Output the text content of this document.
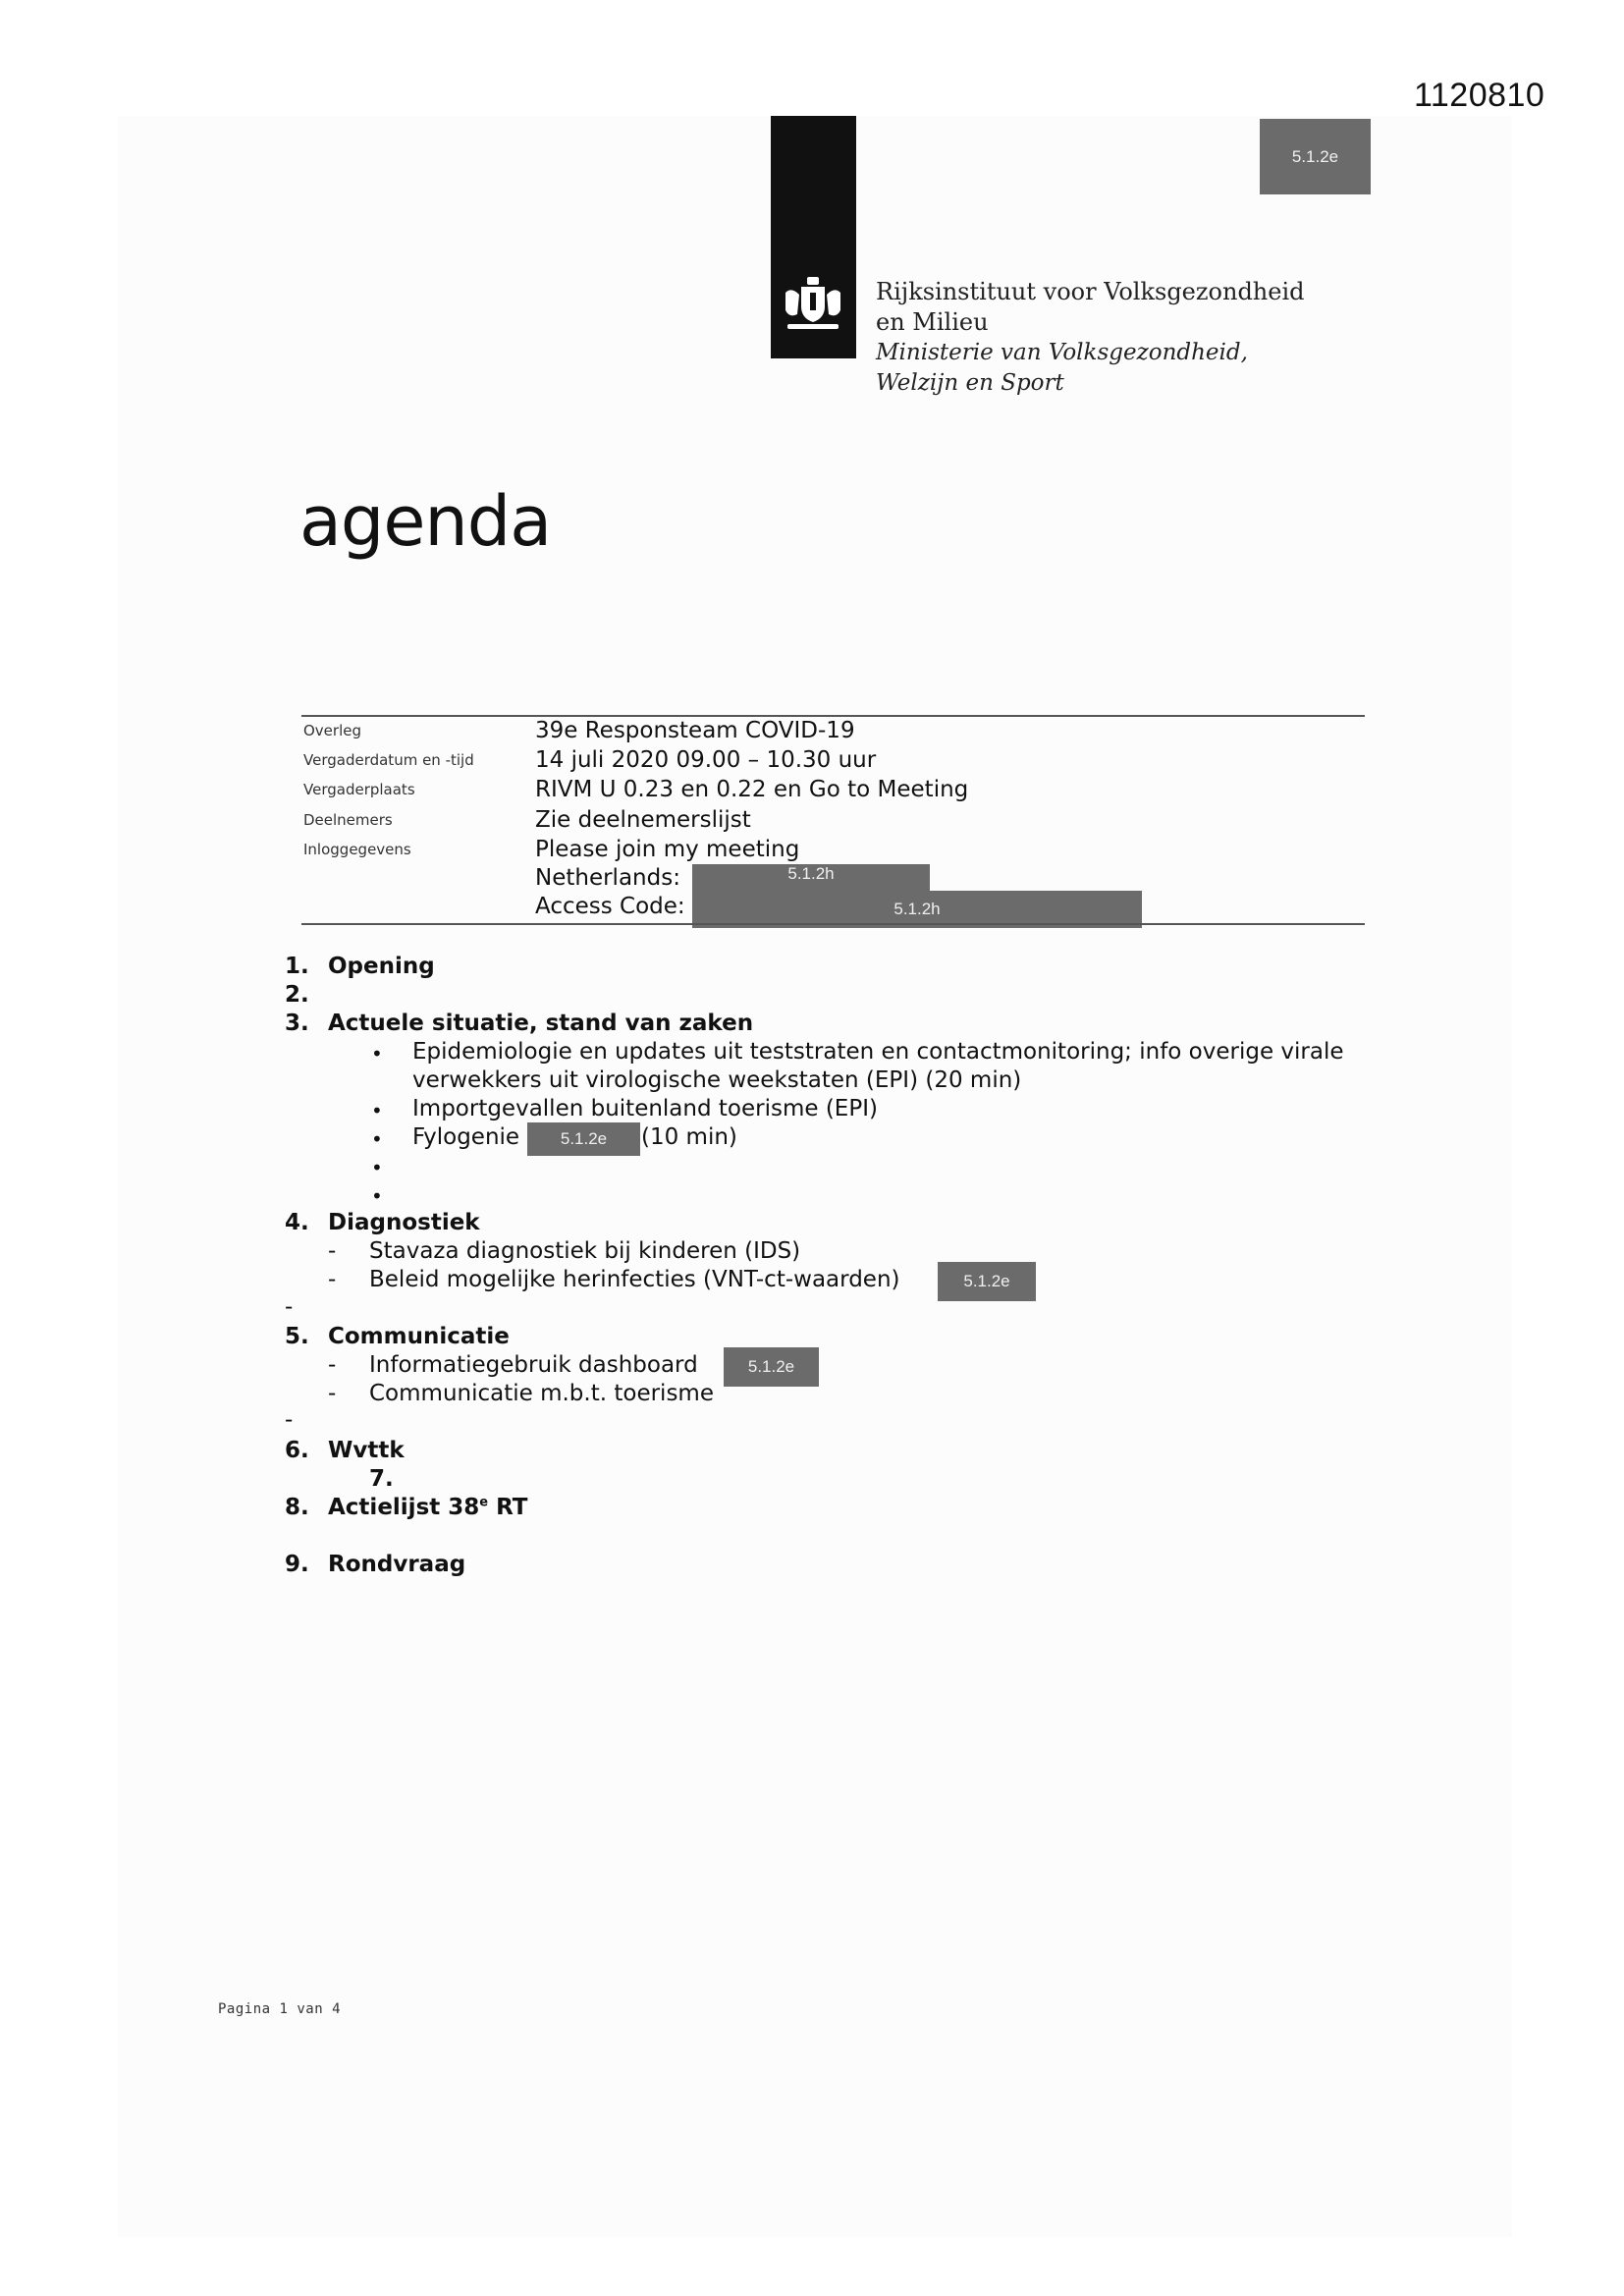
1120810
5.1.2e
Rijksinstituut voor Volksgezondheid
en Milieu
Ministerie van Volksgezondheid,
Welzijn en Sport
agenda
Overleg	39e Responsteam COVID-19
Vergaderdatum en -tijd	14 juli 2020 09.00 – 10.30 uur
Vergaderplaats	RIVM U 0.23 en 0.22 en Go to Meeting
Deelnemers	Zie deelnemerslijst
Inloggegevens	Please join my meeting
Netherlands:	5.1.2h
Access Code:	5.1.2h
1. Opening
2.
3. Actuele situatie, stand van zaken
• Epidemiologie en updates uit teststraten en contactmonitoring; info overige virale
verwekkers uit virologische weekstaten (EPI) (20 min)
• Importgevallen buitenland toerisme (EPI)
• Fylogenie	5.1.2e	(10 min)
•
•
4. Diagnostiek
- Stavaza diagnostiek bij kinderen (IDS)
- Beleid mogelijke herinfecties (VNT-ct-waarden)	5.1.2e
-
5. Communicatie
- Informatiegebruik dashboard	5.1.2e
- Communicatie m.b.t. toerisme
-
6. Wvttk
7.
8. Actielijst 38e RT
9. Rondvraag
Pagina 1 van 4
